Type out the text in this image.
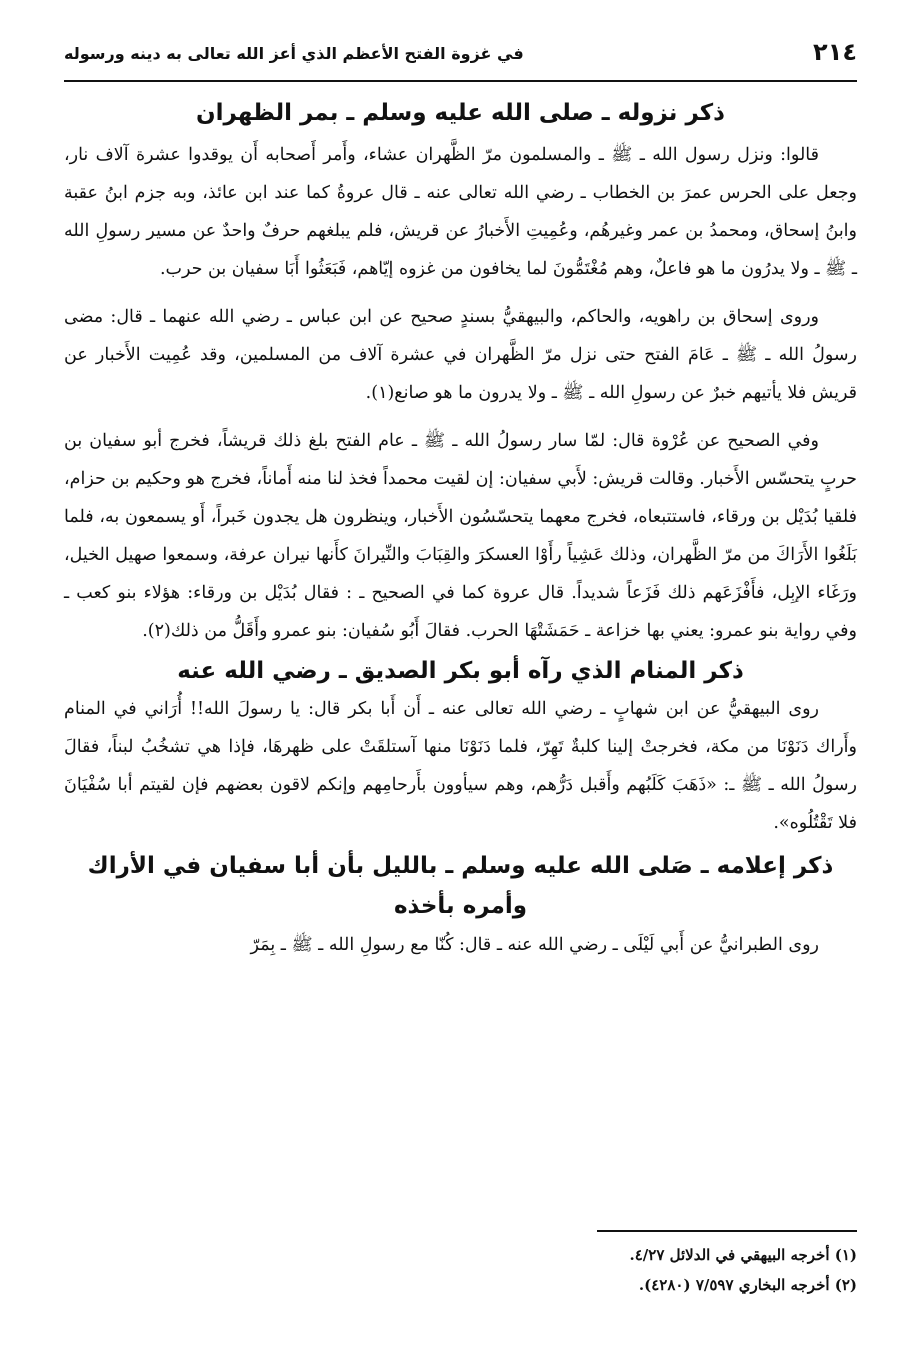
٢١٤
في غزوة الفتح الأعظم الذي أعز الله تعالى به دينه ورسوله
ذكر نزوله ـ صلى الله عليه وسلم ـ بمر الظهران

قالوا: ونزل رسول الله ـ ﷺ ـ والمسلمون مرّ الظَّهران عشاء، وأَمر أَصحابه أَن يوقدوا عشرة آلاف نار، وجعل على الحرس عمرَ بن الخطاب ـ رضي الله تعالى عنه ـ قال عروةُ كما عند ابن عائذ، وبه جزم ابنُ عقبة وابنُ إسحاق، ومحمدُ بن عمر وغيرهُم، وعُمِيتِ الأَخبارُ عن قريش، فلم يبلغهم حرفٌ واحدٌ عن مسير رسولِ الله ـ ﷺ ـ ولا يدرُون ما هو فاعلٌ، وهم مُغْتَمُّونَ لما يخافون من غزوه إيّاهم، فَبَعَثُوا أَبَا سفيان بن حرب.

وروى إسحاق بن راهويه، والحاكم، والبيهقيُّ بسندٍ صحيح عن ابن عباس ـ رضي الله عنهما ـ قال: مضى رسولُ الله ـ ﷺ ـ عَامَ الفتح حتى نزل مرّ الظَّهران في عشرة آلاف من المسلمين، وقد عُمِيت الأَخبار عن قريش فلا يأتيهم خبرٌ عن رسولِ الله ـ ﷺ ـ ولا يدرون ما هو صانع(١).

وفي الصحيح عن عُرْوة قال: لمّا سار رسولُ الله ـ ﷺ ـ عام الفتح بلغ ذلك قريشاً، فخرج أبو سفيان بن حربٍ يتحسّس الأَخبار. وقالت قريش: لأَبي سفيان: إن لقيت محمداً فخذ لنا منه أَماناً، فخرج هو وحكيم بن حزام، فلقيا بُدَيْل بن ورقاء، فاستتبعاه، فخرج معهما يتحسّسُون الأَخبار، وينظرون هل يجدون خَبراً، أَو يسمعون به، فلما بَلَغُوا الأَرَاكَ من مرّ الظَّهران، وذلك عَشِياً رأَوْا العسكرَ والقِبَابَ والنِّيرانَ كأَنها نيران عرفة، وسمعوا صهيل الخيل، ورَغَاء الإبِل، فأَفْزَعَهم ذلك فَزَعاً شديداً. قال عروة كما في الصحيح ـ : فقال بُدَيْل بن ورقاء: هؤلاء بنو كعب ـ وفي رواية بنو عمرو: يعني بها خزاعة ـ حَمَشَتْهَا الحرب. فقالَ أَبُو سُفيان: بنو عمرو وأَقَلُّ من ذلك(٢).

ذكر المنام الذي رآه أبو بكر الصديق ـ رضي الله عنه

روى البيهقيُّ عن ابن شهابٍ ـ رضي الله تعالى عنه ـ أَن أَبا بكر قال: يا رسولَ الله!! أُرَاني في المنام وأَراك دَنَوْنَا من مكة، فخرجتْ إلينا كلبةٌ تَهِرّ، فلما دَنَوْنَا منها آستلقَتْ على ظهرهَا، فإذا هي تشخُبُ لبناً، فقالَ رسولُ الله ـ ﷺ ـ: «ذَهَبَ كَلَبُهم وأَقبل دَرُّهم، وهم سيأوون بأَرحامِهم وإنكم لاقون بعضهم فإن لقيتم أبا سُفْيَانَ فلا تَقْتُلُوه».

ذكر إعلامه ـ صَلى الله عليه وسلم ـ بالليل بأن أبا سفيان في الأراك وأمره بأخذه

روى الطبرانيُّ عن أَبي لَيْلَى ـ رضي الله عنه ـ قال: كُنّا مع رسولِ الله ـ ﷺ ـ بِمَرّ

(١) أخرجه البيهقي في الدلائل ٤/٢٧.

(٢) أخرجه البخاري ٧/٥٩٧ (٤٢٨٠).
